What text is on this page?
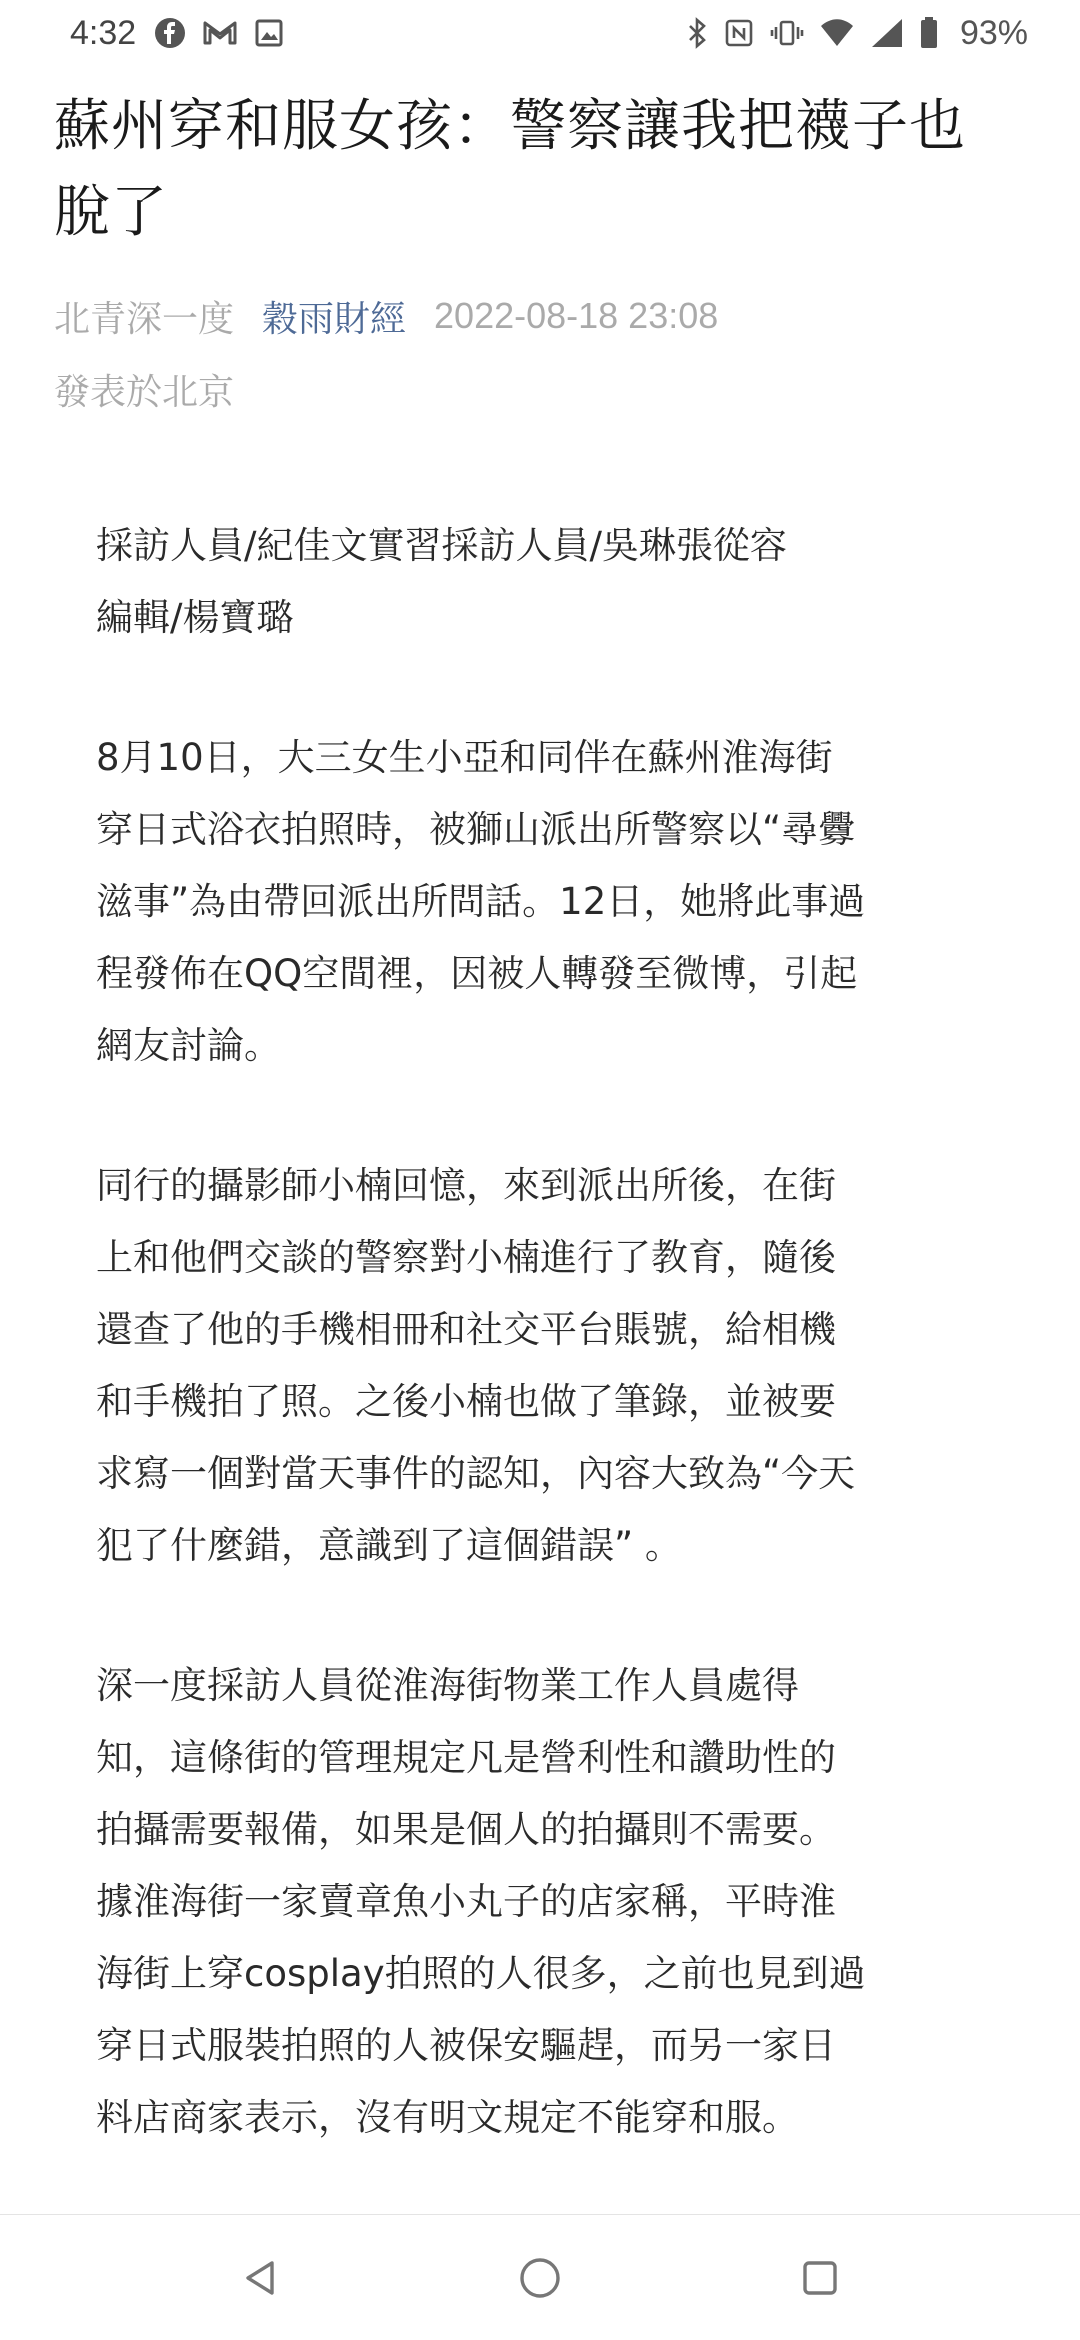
4:32	93%
蘇州穿和服女孩：警察讓我把襪子也
脫了
北青深一度 穀雨財經 2022-08-18 23:08
發表於北京

採訪人員/紀佳文實習採訪人員/吳琳張從容
編輯/楊寶璐

8月10日，大三女生小亞和同伴在蘇州淮海街
穿日式浴衣拍照時，被獅山派出所警察以“尋釁
滋事”為由帶回派出所問話。12日，她將此事過
程發佈在QQ空間裡，因被人轉發至微博，引起
網友討論。

同行的攝影師小楠回憶，來到派出所後，在街
上和他們交談的警察對小楠進行了教育，隨後
還查了他的手機相冊和社交平台賬號，給相機
和手機拍了照。之後小楠也做了筆錄，並被要
求寫一個對當天事件的認知，內容大致為“今天
犯了什麼錯，意識到了這個錯誤” 。

深一度採訪人員從淮海街物業工作人員處得
知，這條街的管理規定凡是營利性和讚助性的
拍攝需要報備，如果是個人的拍攝則不需要。
據淮海街一家賣章魚小丸子的店家稱，平時淮
海街上穿cosplay拍照的人很多，之前也見到過
穿日式服裝拍照的人被保安驅趕，而另一家日
料店商家表示，沒有明文規定不能穿和服。
